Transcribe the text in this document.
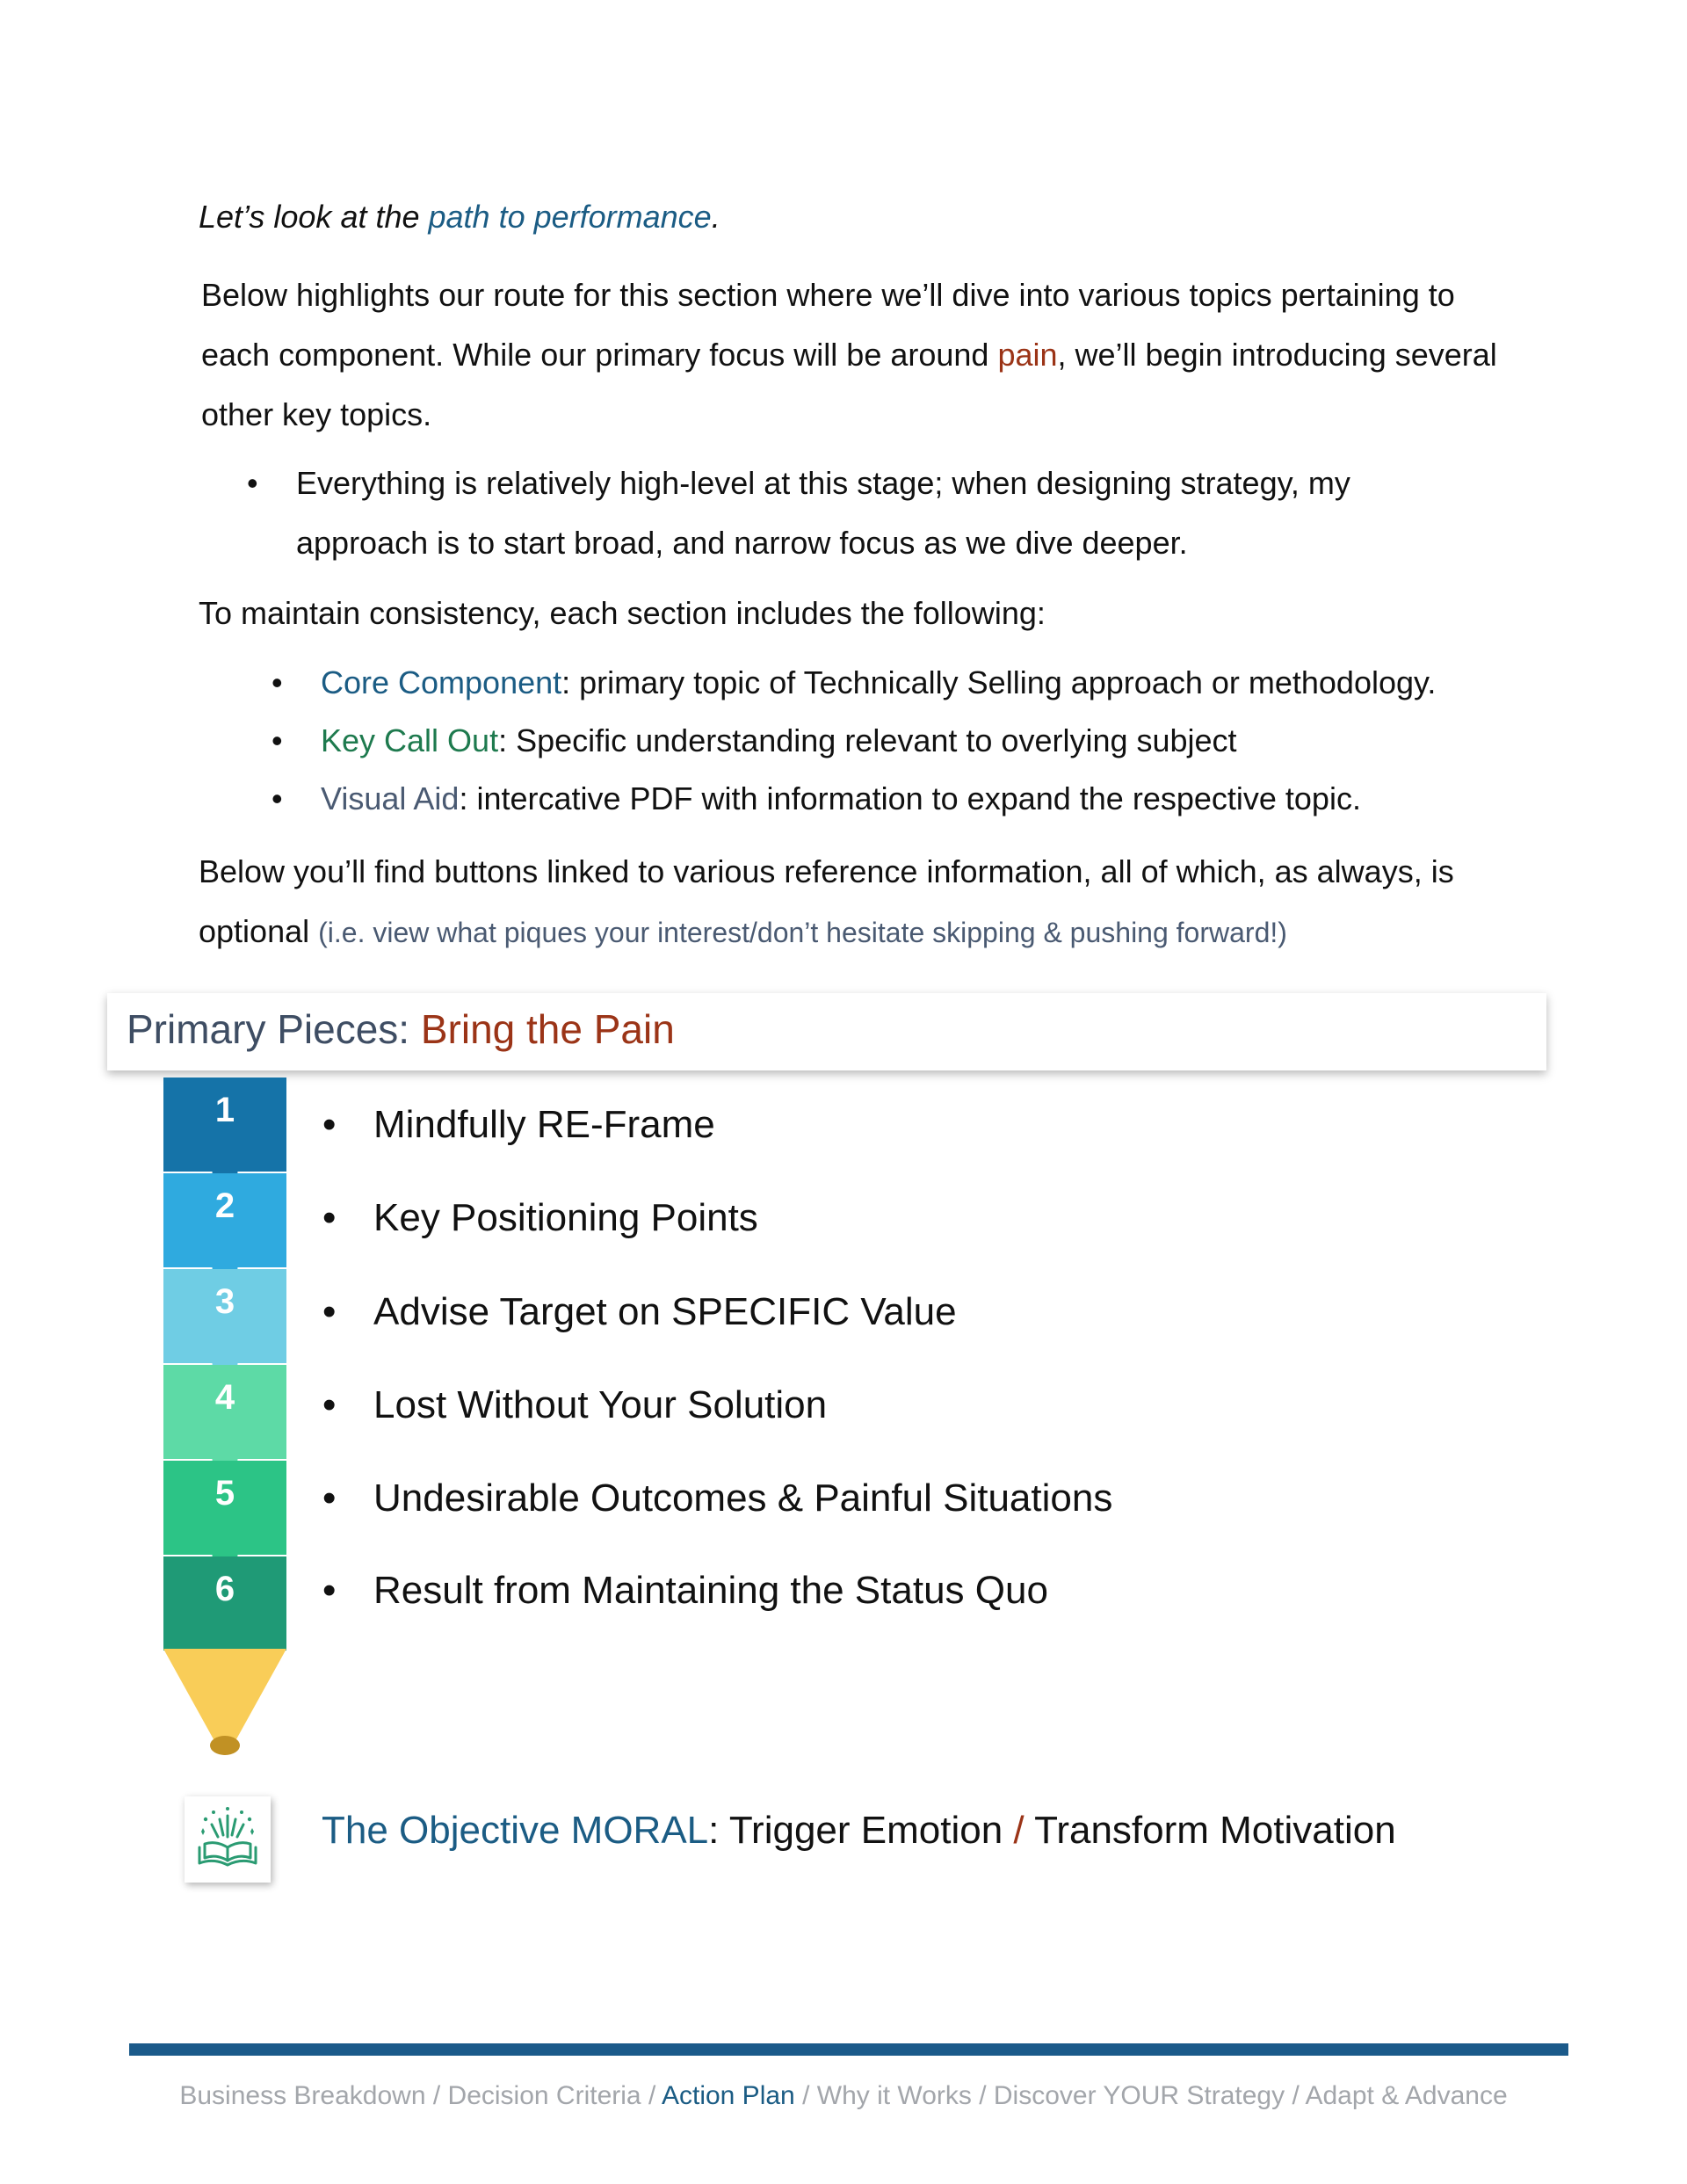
Let’s look at the path to performance.
Below highlights our route for this section where we’ll dive into various topics pertaining to each component. While our primary focus will be around pain, we’ll begin introducing several other key topics.
• Everything is relatively high-level at this stage; when designing strategy, my approach is to start broad, and narrow focus as we dive deeper.
To maintain consistency, each section includes the following:
• Core Component: primary topic of Technically Selling approach or methodology.
• Key Call Out: Specific understanding relevant to overlying subject
• Visual Aid: intercative PDF with information to expand the respective topic.
Below you’ll find buttons linked to various reference information, all of which, as always, is optional (i.e. view what piques your interest/don’t hesitate skipping & pushing forward!)
Primary Pieces: Bring the Pain
1
2
3
4
5
6
• Mindfully RE-Frame
• Key Positioning Points
• Advise Target on SPECIFIC Value
• Lost Without Your Solution
• Undesirable Outcomes & Painful Situations
• Result from Maintaining the Status Quo
The Objective MORAL: Trigger Emotion / Transform Motivation
Business Breakdown / Decision Criteria / Action Plan / Why it Works / Discover YOUR Strategy / Adapt & Advance
